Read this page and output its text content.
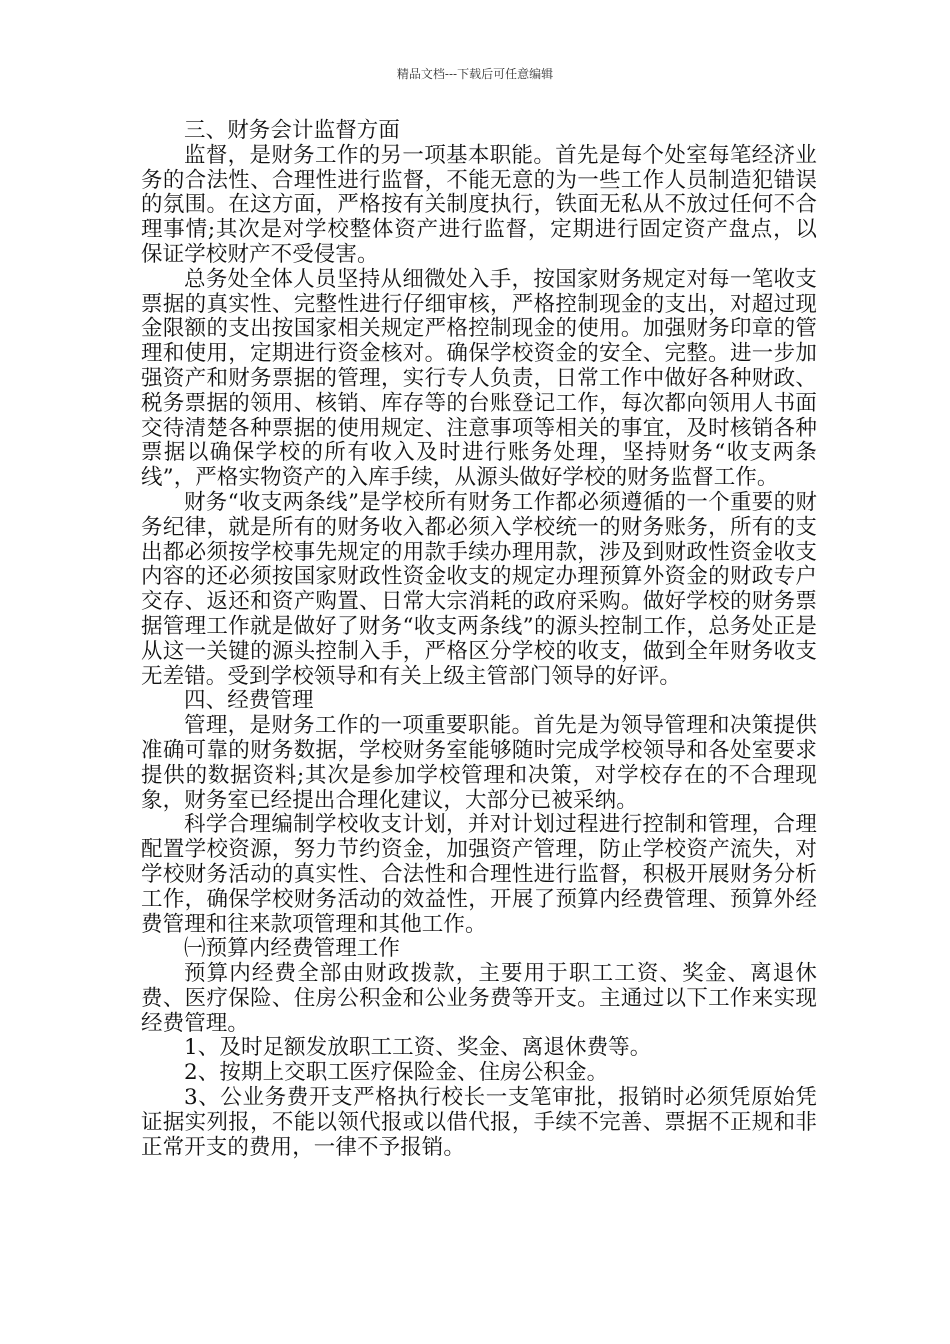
精品文档---下载后可任意编辑

三、财务会计监督方面

监督，是财务工作的另一项基本职能。首先是每个处室每笔经济业务的合法性、合理性进行监督，不能无意的为一些工作人员制造犯错误的氛围。在这方面，严格按有关制度执行，铁面无私从不放过任何不合理事情;其次是对学校整体资产进行监督，定期进行固定资产盘点，以保证学校财产不受侵害。

总务处全体人员坚持从细微处入手，按国家财务规定对每一笔收支票据的真实性、完整性进行仔细审核，严格控制现金的支出，对超过现金限额的支出按国家相关规定严格控制现金的使用。加强财务印章的管理和使用，定期进行资金核对。确保学校资金的安全、完整。进一步加强资产和财务票据的管理，实行专人负责，日常工作中做好各种财政、税务票据的领用、核销、库存等的台账登记工作，每次都向领用人书面交待清楚各种票据的使用规定、注意事项等相关的事宜，及时核销各种票据以确保学校的所有收入及时进行账务处理，坚持财务“收支两条线”，严格实物资产的入库手续，从源头做好学校的财务监督工作。

财务“收支两条线”是学校所有财务工作都必须遵循的一个重要的财务纪律，就是所有的财务收入都必须入学校统一的财务账务，所有的支出都必须按学校事先规定的用款手续办理用款，涉及到财政性资金收支内容的还必须按国家财政性资金收支的规定办理预算外资金的财政专户交存、返还和资产购置、日常大宗消耗的政府采购。做好学校的财务票据管理工作就是做好了财务“收支两条线”的源头控制工作，总务处正是从这一关键的源头控制入手，严格区分学校的收支，做到全年财务收支无差错。受到学校领导和有关上级主管部门领导的好评。

四、经费管理

管理，是财务工作的一项重要职能。首先是为领导管理和决策提供准确可靠的财务数据，学校财务室能够随时完成学校领导和各处室要求提供的数据资料;其次是参加学校管理和决策，对学校存在的不合理现象，财务室已经提出合理化建议，大部分已被采纳。

科学合理编制学校收支计划，并对计划过程进行控制和管理，合理配置学校资源，努力节约资金，加强资产管理，防止学校资产流失，对学校财务活动的真实性、合法性和合理性进行监督，积极开展财务分析工作，确保学校财务活动的效益性，开展了预算内经费管理、预算外经费管理和往来款项管理和其他工作。

㈠预算内经费管理工作

预算内经费全部由财政拨款，主要用于职工工资、奖金、离退休费、医疗保险、住房公积金和公业务费等开支。主通过以下工作来实现经费管理。

1、及时足额发放职工工资、奖金、离退休费等。

2、按期上交职工医疗保险金、住房公积金。

3、公业务费开支严格执行校长一支笔审批，报销时必须凭原始凭证据实列报，不能以领代报或以借代报，手续不完善、票据不正规和非正常开支的费用，一律不予报销。
